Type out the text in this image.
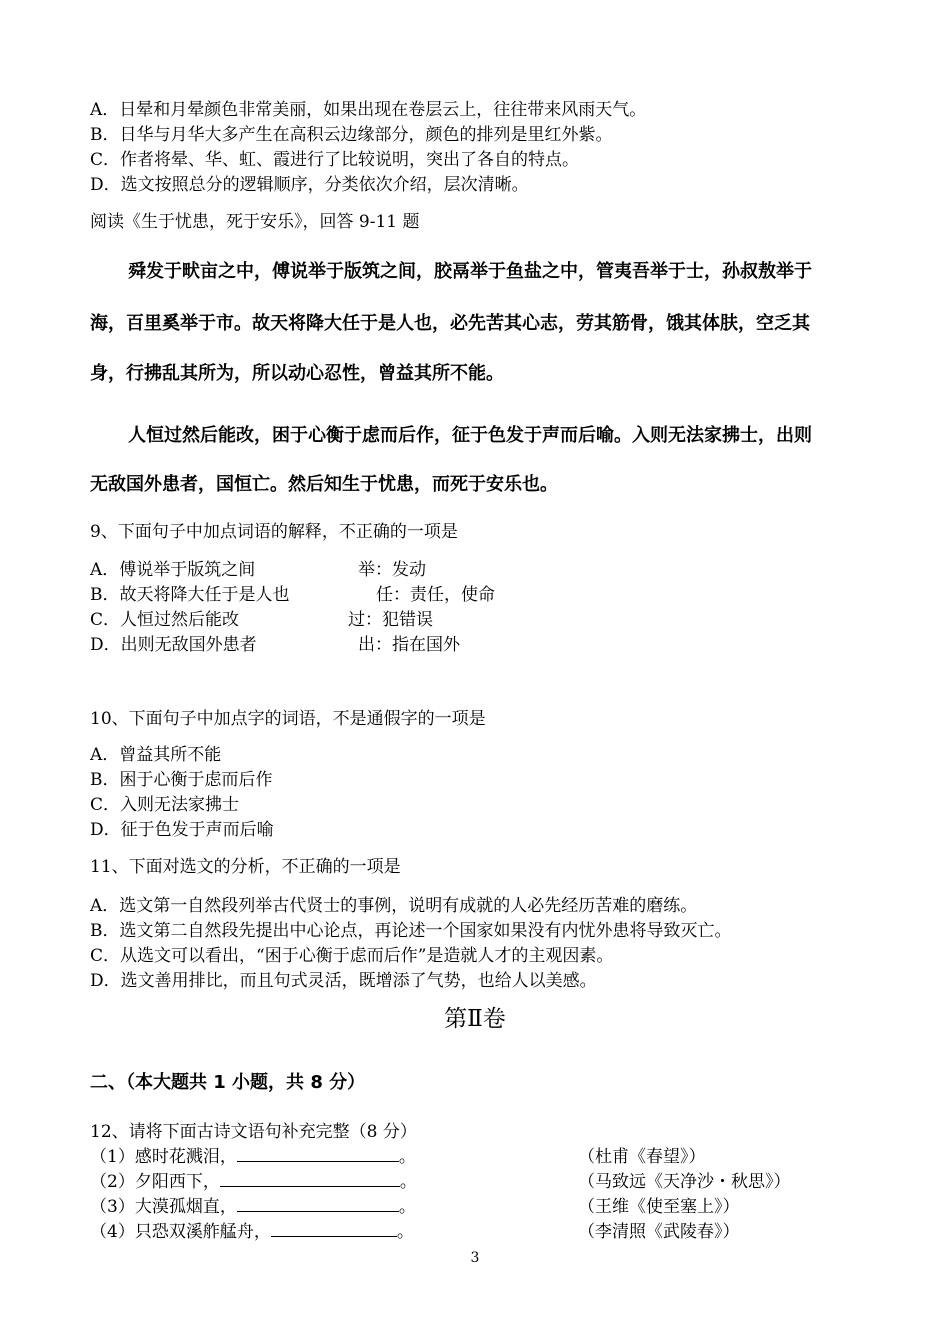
A．日晕和月晕颜色非常美丽，如果出现在卷层云上，往往带来风雨天气。
B．日华与月华大多产生在高积云边缘部分，颜色的排列是里红外紫。
C．作者将晕、华、虹、霞进行了比较说明，突出了各自的特点。
D．选文按照总分的逻辑顺序，分类依次介绍，层次清晰。
阅读《生于忧患，死于安乐》，回答 9-11 题
舜发于畎亩之中，傅说举于版筑之间，胶鬲举于鱼盐之中，管夷吾举于士，孙叔敖举于
海，百里奚举于市。故天将降大任于是人也，必先苦其心志，劳其筋骨，饿其体肤，空乏其
身，行拂乱其所为，所以动心忍性，曾益其所不能。
人恒过然后能改，困于心衡于虑而后作，征于色发于声而后喻。入则无法家拂士，出则
无敌国外患者，国恒亡。然后知生于忧患，而死于安乐也。
9、下面句子中加点词语的解释，不正确的一项是
A．傅说举于版筑之间	举：发动
B．故天将降大任于是人也	任：责任，使命
C．人恒过然后能改	过：犯错误
D．出则无敌国外患者	出：指在国外
10、下面句子中加点字的词语，不是通假字的一项是
A．曾益其所不能
B．困于心衡于虑而后作
C．入则无法家拂士
D．征于色发于声而后喻
11、下面对选文的分析，不正确的一项是
A．选文第一自然段列举古代贤士的事例，说明有成就的人必先经历苦难的磨练。
B．选文第二自然段先提出中心论点，再论述一个国家如果没有内忧外患将导致灭亡。
C．从选文可以看出，“困于心衡于虑而后作”是造就人才的主观因素。
D．选文善用排比，而且句式灵活，既增添了气势，也给人以美感。
第Ⅱ卷
二、（本大题共 1 小题，共 8 分）
12、请将下面古诗文语句补充完整（8 分）
（1）感时花溅泪，	。	（杜甫《春望》）
（2）夕阳西下，	。	（马致远《天净沙・秋思》）
（3）大漠孤烟直，	。	（王维《使至塞上》）
（4）只恐双溪舴艋舟，	。	（李清照《武陵春》）
3
